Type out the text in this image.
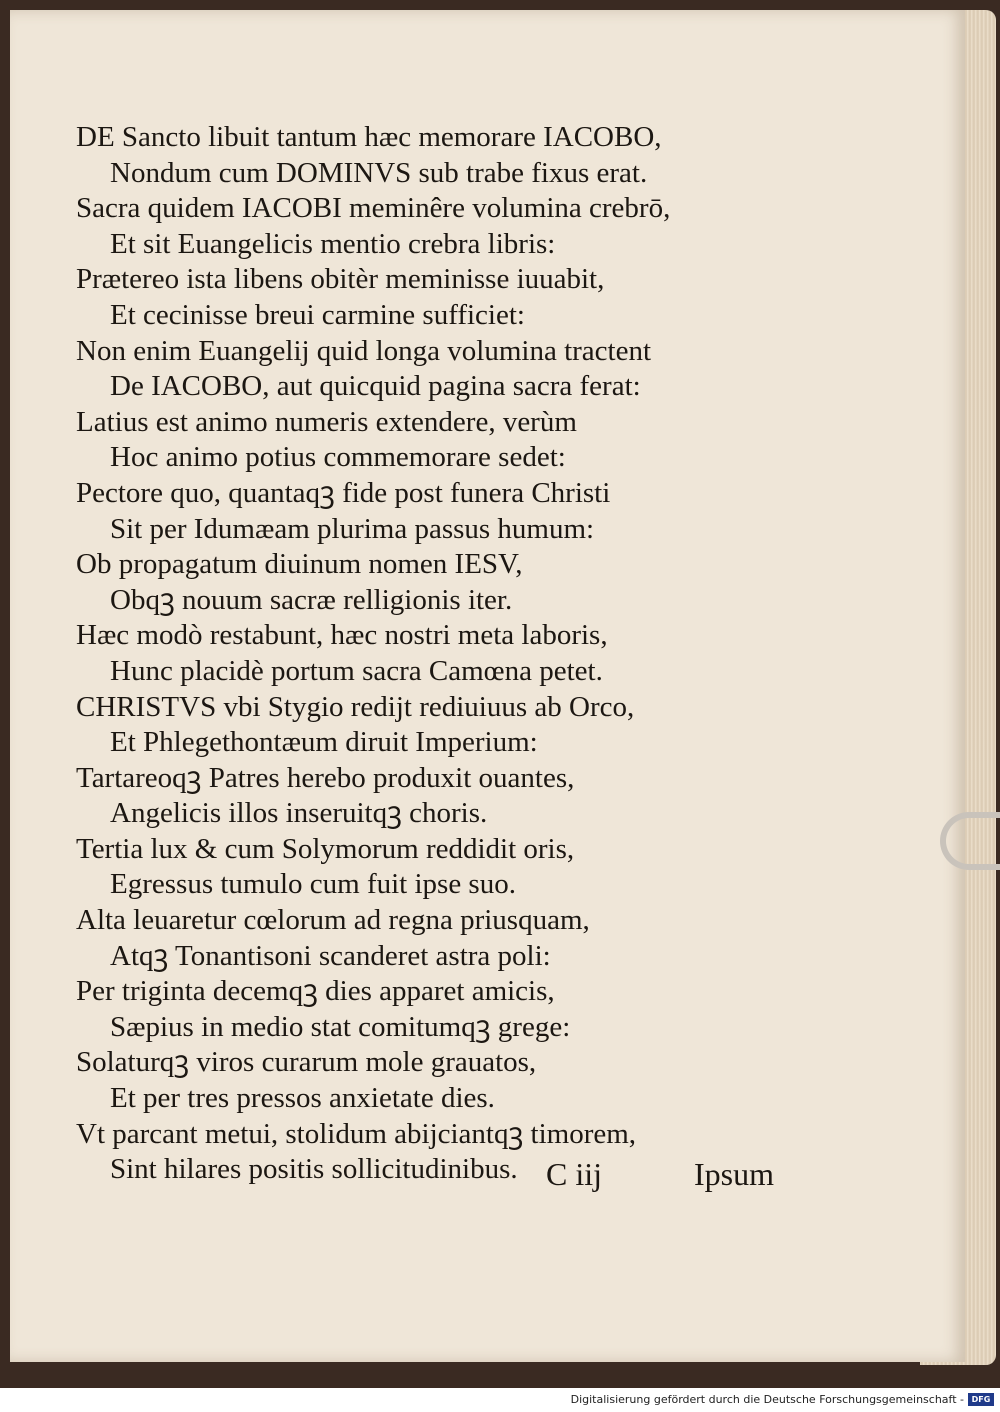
DE Sancto libuit tantum hæc memorare IACOBO,
Nondum cum DOMINVS sub trabe fixus erat.
Sacra quidem IACOBI meminêre volumina crebrō,
Et sit Euangelicis mentio crebra libris:
Prætereo ista libens obitèr meminisse iuuabit,
Et cecinisse breui carmine sufficiet:
Non enim Euangelij quid longa volumina tractent
De IACOBO, aut quicquid pagina sacra ferat:
Latius est animo numeris extendere, verùm
Hoc animo potius commemorare sedet:
Pectore quo, quantaqꝫ fide post funera Christi
Sit per Idumæam plurima passus humum:
Ob propagatum diuinum nomen IESV,
Obqꝫ nouum sacræ relligionis iter.
Hæc modò restabunt, hæc nostri meta laboris,
Hunc placidè portum sacra Camœna petet.
CHRISTVS vbi Stygio redijt rediuiuus ab Orco,
Et Phlegethontæum diruit Imperium:
Tartareoqꝫ Patres herebo produxit ouantes,
Angelicis illos inseruitqꝫ choris.
Tertia lux & cum Solymorum reddidit oris,
Egressus tumulo cum fuit ipse suo.
Alta leuaretur cœlorum ad regna priusquam,
Atqꝫ Tonantisoni scanderet astra poli:
Per triginta decemqꝫ dies apparet amicis,
Sæpius in medio stat comitumqꝫ grege:
Solaturqꝫ viros curarum mole grauatos,
Et per tres pressos anxietate dies.
Vt parcant metui, stolidum abijciantqꝫ timorem,
Sint hilares positis sollicitudinibus. C iij	Ipsum
Digitalisierung gefördert durch die Deutsche Forschungsgemeinschaft - DFG
